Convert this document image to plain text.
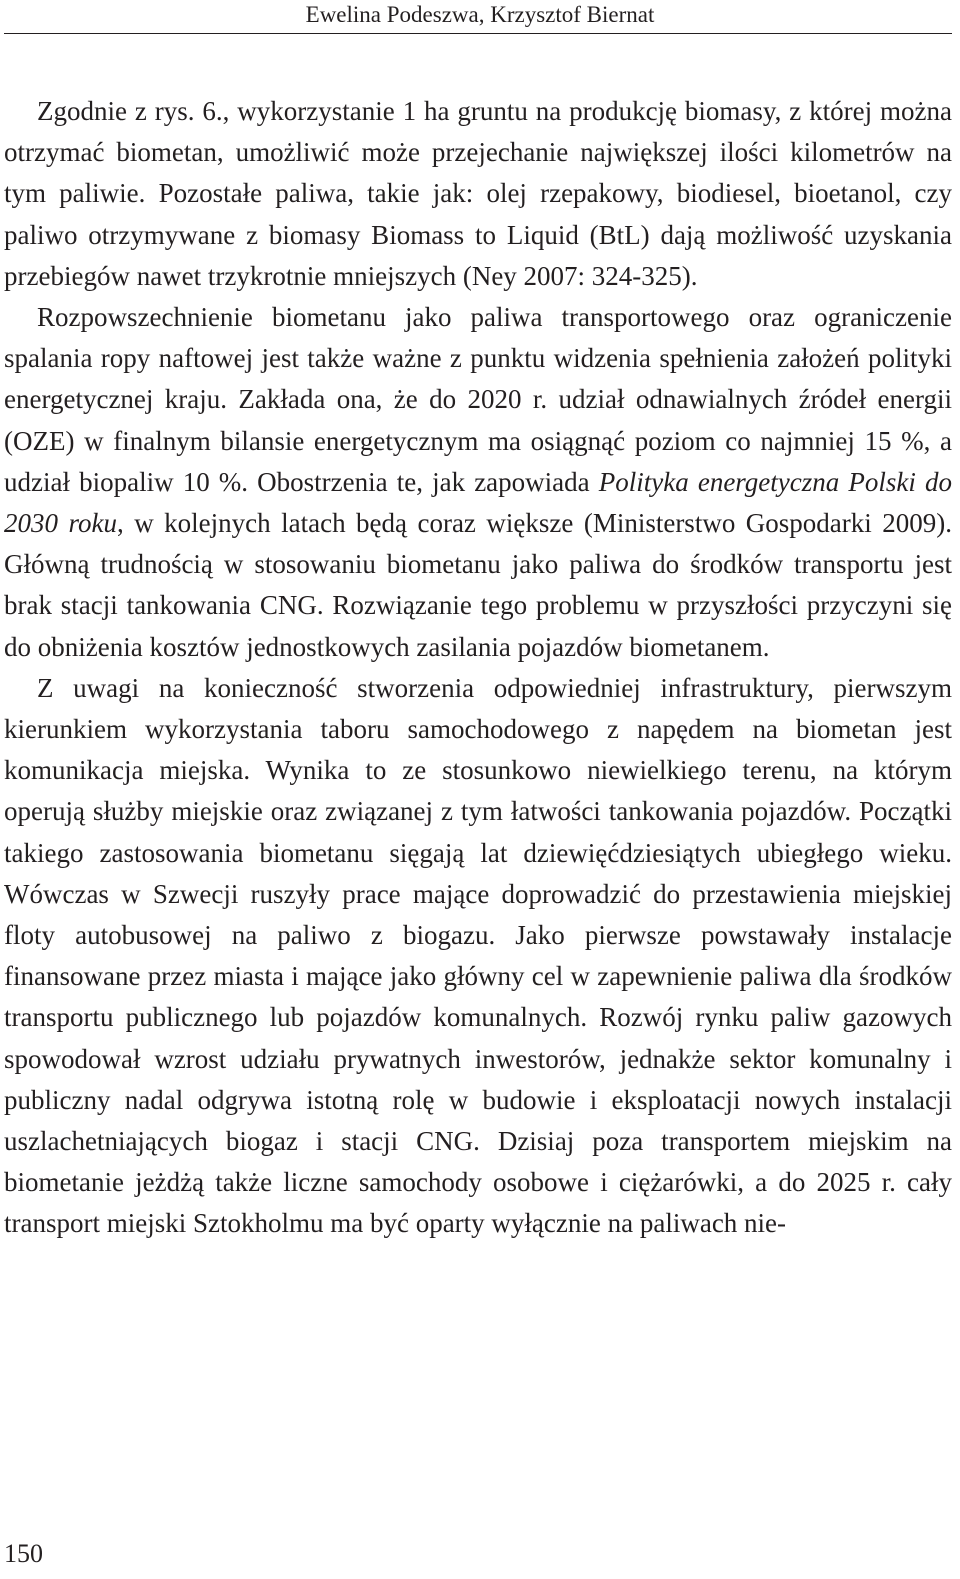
Ewelina Podeszwa, Krzysztof Biernat

Zgodnie z rys. 6., wykorzystanie 1 ha gruntu na produkcję biomasy, z której można otrzymać biometan, umożliwić może przejechanie największej ilości kilometrów na tym paliwie. Pozostałe paliwa, takie jak: olej rzepakowy, biodiesel, bioetanol, czy paliwo otrzymywane z biomasy Biomass to Liquid (BtL) dają możliwość uzyskania przebiegów nawet trzykrotnie mniejszych (Ney 2007: 324-325).

Rozpowszechnienie biometanu jako paliwa transportowego oraz ograniczenie spalania ropy naftowej jest także ważne z punktu widzenia spełnienia założeń polityki energetycznej kraju. Zakłada ona, że do 2020 r. udział odnawialnych źródeł energii (OZE) w finalnym bilansie energetycznym ma osiągnąć poziom co najmniej 15 %, a udział biopaliw 10 %. Obostrzenia te, jak zapowiada Polityka energetyczna Polski do 2030 roku, w kolejnych latach będą coraz większe (Ministerstwo Gospodarki 2009). Główną trudnością w stosowaniu biometanu jako paliwa do środków transportu jest brak stacji tankowania CNG. Rozwiązanie tego problemu w przyszłości przyczyni się do obniżenia kosztów jednostkowych zasilania pojazdów biometanem.

Z uwagi na konieczność stworzenia odpowiedniej infrastruktury, pierwszym kierunkiem wykorzystania taboru samochodowego z napędem na biometan jest komunikacja miejska. Wynika to ze stosunkowo niewielkiego terenu, na którym operują służby miejskie oraz związanej z tym łatwości tankowania pojazdów. Początki takiego zastosowania biometanu sięgają lat dziewięćdziesiątych ubiegłego wieku. Wówczas w Szwecji ruszyły prace mające doprowadzić do przestawienia miejskiej floty autobusowej na paliwo z biogazu. Jako pierwsze powstawały instalacje finansowane przez miasta i mające jako główny cel w zapewnienie paliwa dla środków transportu publicznego lub pojazdów komunalnych. Rozwój rynku paliw gazowych spowodował wzrost udziału prywatnych inwestorów, jednakże sektor komunalny i publiczny nadal odgrywa istotną rolę w budowie i eksploatacji nowych instalacji uszlachetniających biogaz i stacji CNG. Dzisiaj poza transportem miejskim na biometanie jeżdżą także liczne samochody osobowe i ciężarówki, a do 2025 r. cały transport miejski Sztokholmu ma być oparty wyłącznie na paliwach nie-

150
